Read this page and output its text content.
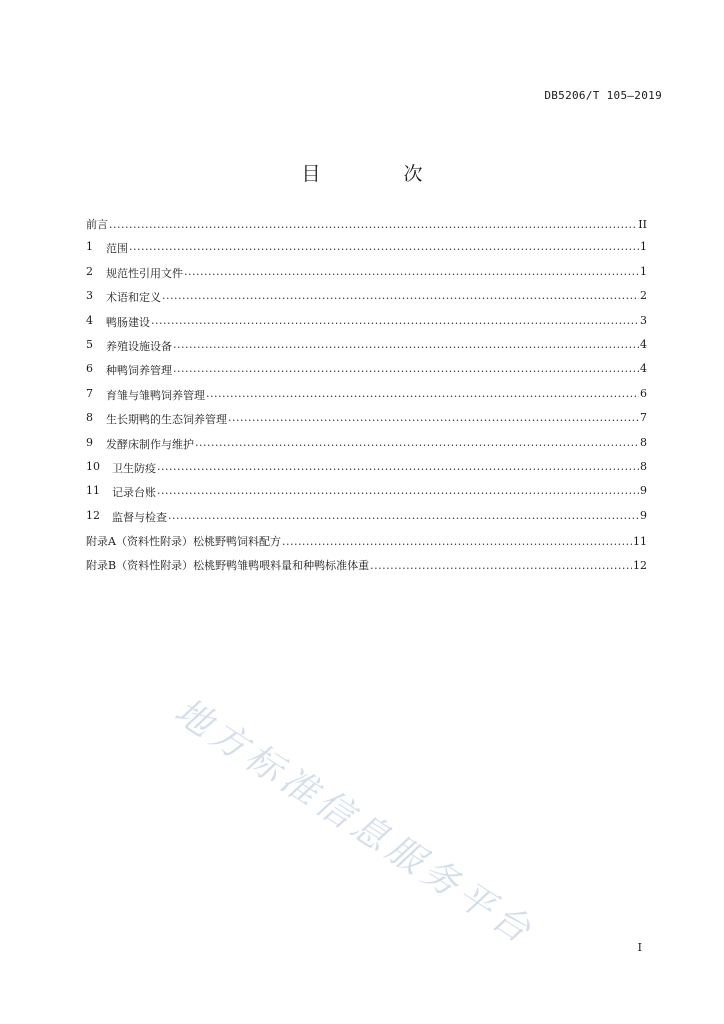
DB5206/T 105—2019
目　次
前言 .....	II
1	范围 .....	1
2	规范性引用文件 .....	1
3	术语和定义 .....	2
4	鸭肠建设 .....	3
5	养殖设施设备 .....	4
6	种鸭饲养管理 .....	4
7	育雏与雏鸭饲养管理 .....	6
8	生长期鸭的生态饲养管理 .....	7
9	发酵床制作与维护 .....	8
10	卫生防疫 .....	8
11	记录台账 .....	9
12	监督与检查 .....	9
附录A（资料性附录）松桃野鸭饲料配方 .....	11
附录B（资料性附录）松桃野鸭雏鸭喂料量和种鸭标准体重 .....	12
地方标准信息服务平台	I
